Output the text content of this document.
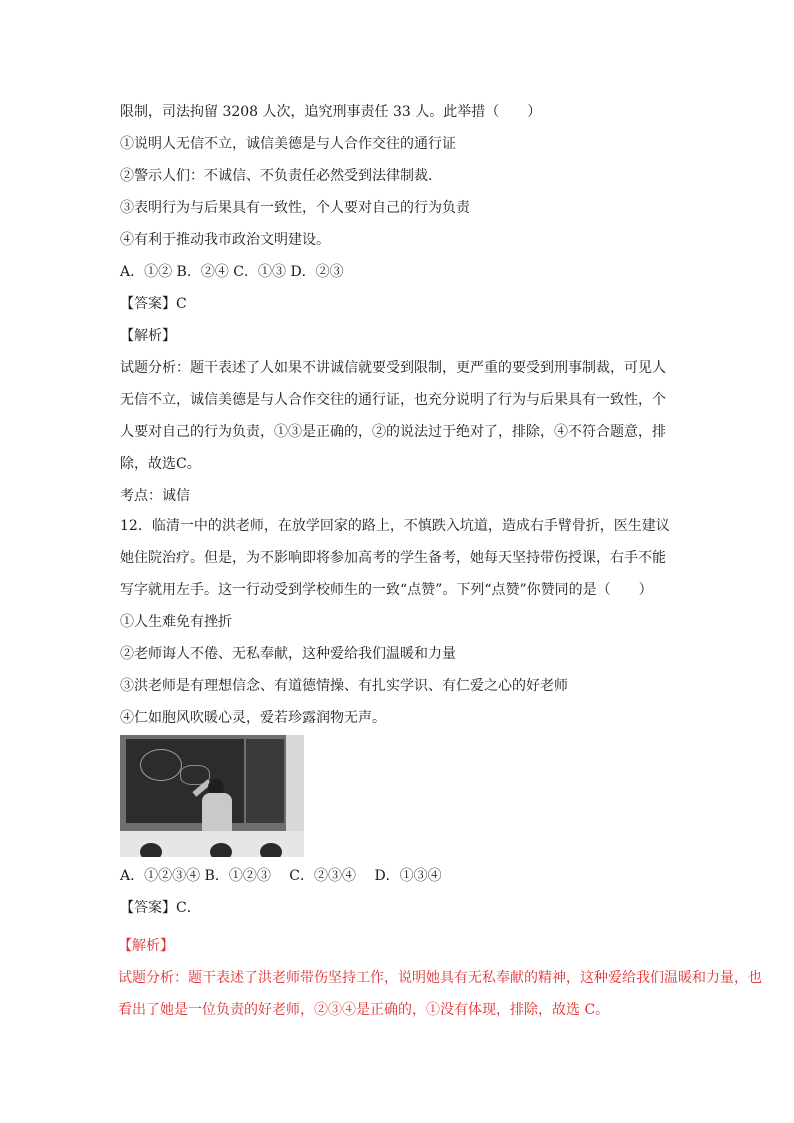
限制，司法拘留 3208 人次，追究刑事责任 33 人。此举措（　　）
①说明人无信不立，诚信美德是与人合作交往的通行证
②警示人们：不诚信、不负责任必然受到法律制裁.
③表明行为与后果具有一致性，个人要对自己的行为负责
④有利于推动我市政治文明建设。
A．①② B．②④ C．①③ D．②③
【答案】C
【解析】
试题分析：题干表述了人如果不讲诚信就要受到限制，更严重的要受到刑事制裁，可见人
无信不立，诚信美德是与人合作交往的通行证，也充分说明了行为与后果具有一致性，个
人要对自己的行为负责，①③是正确的，②的说法过于绝对了，排除，④不符合题意，排
除，故选C。
考点：诚信
12．临清一中的洪老师，在放学回家的路上，不慎跌入坑道，造成右手臂骨折，医生建议
她住院治疗。但是，为不影响即将参加高考的学生备考，她每天坚持带伤授课，右手不能
写字就用左手。这一行动受到学校师生的一致“点赞”。下列“点赞”你赞同的是（　　）
①人生难免有挫折
②老师诲人不倦、无私奉献，这种爱给我们温暖和力量
③洪老师是有理想信念、有道德情操、有扎实学识、有仁爱之心的好老师
④仁如胞风吹暖心灵，爱若珍露润物无声。
A．①②③④ B．①②③　 C．②③④　 D．①③④
【答案】C．
【解析】
试题分析：题干表述了洪老师带伤坚持工作，说明她具有无私奉献的精神，这种爱给我们温暖和力量，也
看出了她是一位负责的好老师，②③④是正确的，①没有体现，排除，故选 C。
